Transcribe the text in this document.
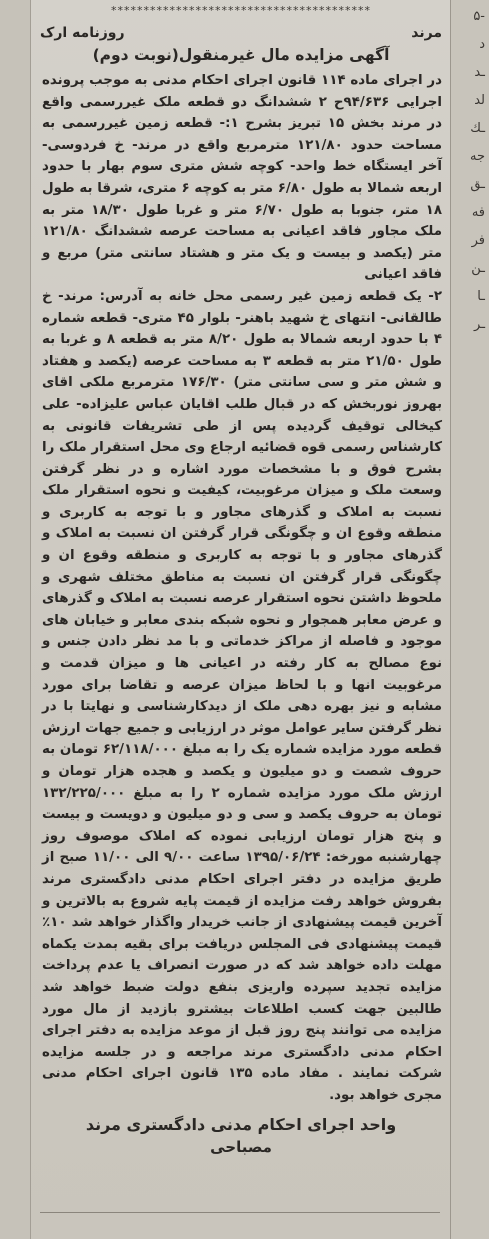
-۵
د
ـد
لد
ـك
جه
ـق
فه
فر
ـن
ـا
ـر
****************************************
مرند
روزنامه ارک
آگهی مزایده مال غیرمنقول(نوبت دوم)

در اجرای ماده ۱۱۴ قانون اجرای احکام مدنی به موجب پرونده اجرایی ۹۴/۶۳۶ح ۲ ششدانگ دو قطعه ملک غیررسمی واقع در مرند بخش ۱۵ تبریز بشرح ۱:- قطعه زمین غیررسمی به مساحت حدود ۱۲۱/۸۰ مترمربع واقع در مرند- خ فردوسی- آخر ایستگاه خط واحد- کوچه شش متری سوم بهار با حدود اربعه شمالا به طول ۶/۸۰ متر به کوچه ۶ متری، شرقا به طول ۱۸ متر، جنوبا به طول ۶/۷۰ متر و غربا طول ۱۸/۳۰ متر به ملک مجاور فاقد اعیانی به مساحت عرصه ششدانگ ۱۲۱/۸۰ متر (یکصد و بیست و یک متر و هشتاد سانتی متر) مربع و فاقد اعیانی

۲- یک قطعه زمین غیر رسمی محل خانه به آدرس: مرند- خ طالقانی- انتهای خ شهید باهنر- بلوار ۴۵ متری- قطعه شماره ۴ با حدود اربعه شمالا به طول ۸/۲۰ متر به قطعه ۸ و غربا به طول ۲۱/۵۰ متر به قطعه ۳ به مساحت عرصه (یکصد و هفتاد و شش متر و سی سانتی متر) ۱۷۶/۳۰ مترمربع ملکی اقای بهروز نوربخش که در قبال طلب اقایان عباس علیزاده- علی کیخالی توقیف گردیده پس از طی تشریفات قانونی به کارشناس رسمی قوه قضائیه ارجاع وی محل استقرار ملک را بشرح فوق و با مشخصات مورد اشاره و در نظر گرفتن وسعت ملک و میزان مرغوبیت، کیفیت و نحوه استقرار ملک نسبت به املاک و گذرهای مجاور و با توجه به کاربری و منطقه وقوع ان و چگونگی قرار گرفتن ان نسبت به املاک و گذرهای مجاور و با توجه به کاربری و منطقه وقوع ان و چگونگی قرار گرفتن ان نسبت به مناطق مختلف شهری و ملحوظ داشتن نحوه استقرار عرصه نسبت به املاک و گذرهای و عرض معابر همجوار و نحوه شبکه بندی معابر و خیابان های موجود و فاصله از مراکز خدماتی و با مد نظر دادن جنس و نوع مصالح به کار رفته در اعیانی ها و میزان قدمت و مرغوبیت انها و با لحاظ میزان عرصه و تقاضا برای مورد مشابه و نیز بهره دهی ملک از دیدکارشناسی و نهایتا با در نظر گرفتن سایر عوامل موثر در ارزیابی و جمیع جهات ارزش قطعه مورد مزایده شماره یک را به مبلغ ۶۲/۱۱۸/۰۰۰ تومان به حروف شصت و دو میلیون و یکصد و هجده هزار تومان و ارزش ملک مورد مزایده شماره ۲ را به مبلغ ۱۳۲/۲۲۵/۰۰۰ تومان به حروف یکصد و سی و دو میلیون و دویست و بیست و پنج هزار تومان ارزیابی نموده که املاک موصوف روز چهارشنبه مورخه: ۱۳۹۵/۰۶/۲۴ ساعت ۹/۰۰ الی ۱۱/۰۰ صبح از طریق مزایده در دفتر اجرای احکام مدنی دادگستری مرند بفروش خواهد رفت مزایده از قیمت پایه شروع به بالاترین و آخرین قیمت پیشنهادی از جانب خریدار واگذار خواهد شد ۱۰٪ قیمت پیشنهادی فی المجلس دریافت برای بقیه بمدت یکماه مهلت داده خواهد شد که در صورت انصراف یا عدم پرداخت مزایده تجدید سپرده واریزی بنفع دولت ضبط خواهد شد طالبین جهت کسب اطلاعات بیشترو بازدید از مال مورد مزایده می توانند پنج روز قبل از موعد مزایده به دفتر اجرای احکام مدنی دادگستری مرند مراجعه و در جلسه مزایده شرکت نمایند . مفاد ماده ۱۳۵ قانون اجرای احکام مدنی مجری خواهد بود.

واحد اجرای احکام مدنی دادگستری مرند
مصباحی
